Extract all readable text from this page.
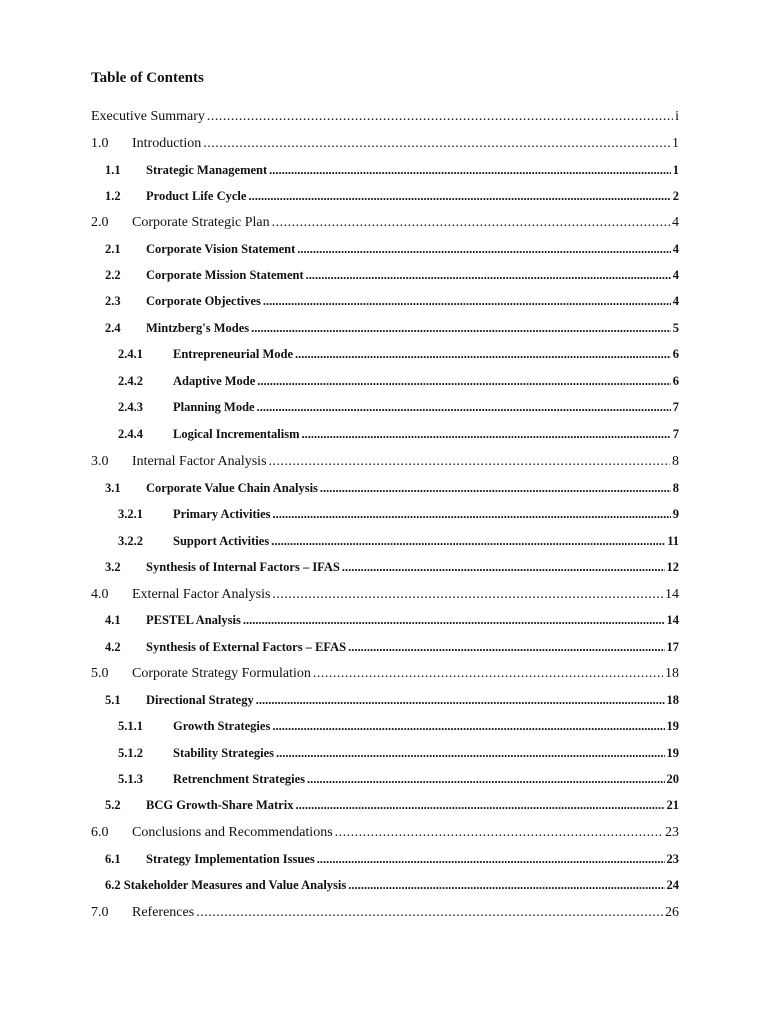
Table of Contents
Executive Summary .....	i
1.0	Introduction .....	1
1.1	Strategic Management .....	1
1.2	Product Life Cycle .....	2
2.0	Corporate Strategic Plan .....	4
2.1	Corporate Vision Statement .....	4
2.2	Corporate Mission Statement .....	4
2.3	Corporate Objectives .....	4
2.4	Mintzberg's Modes .....	5
2.4.1	Entrepreneurial Mode .....	6
2.4.2	Adaptive Mode .....	6
2.4.3	Planning Mode .....	7
2.4.4	Logical Incrementalism .....	7
3.0	Internal Factor Analysis .....	8
3.1	Corporate Value Chain Analysis .....	8
3.2.1	Primary Activities .....	9
3.2.2	Support Activities .....	11
3.2	Synthesis of Internal Factors – IFAS .....	12
4.0	External Factor Analysis .....	14
4.1	PESTEL Analysis .....	14
4.2	Synthesis of External Factors – EFAS .....	17
5.0	Corporate Strategy Formulation .....	18
5.1	Directional Strategy .....	18
5.1.1	Growth Strategies .....	19
5.1.2	Stability Strategies .....	19
5.1.3	Retrenchment Strategies .....	20
5.2	BCG Growth-Share Matrix .....	21
6.0	Conclusions and Recommendations .....	23
6.1	Strategy Implementation Issues .....	23
6.2 Stakeholder Measures and Value Analysis .....	24
7.0	References .....	26
